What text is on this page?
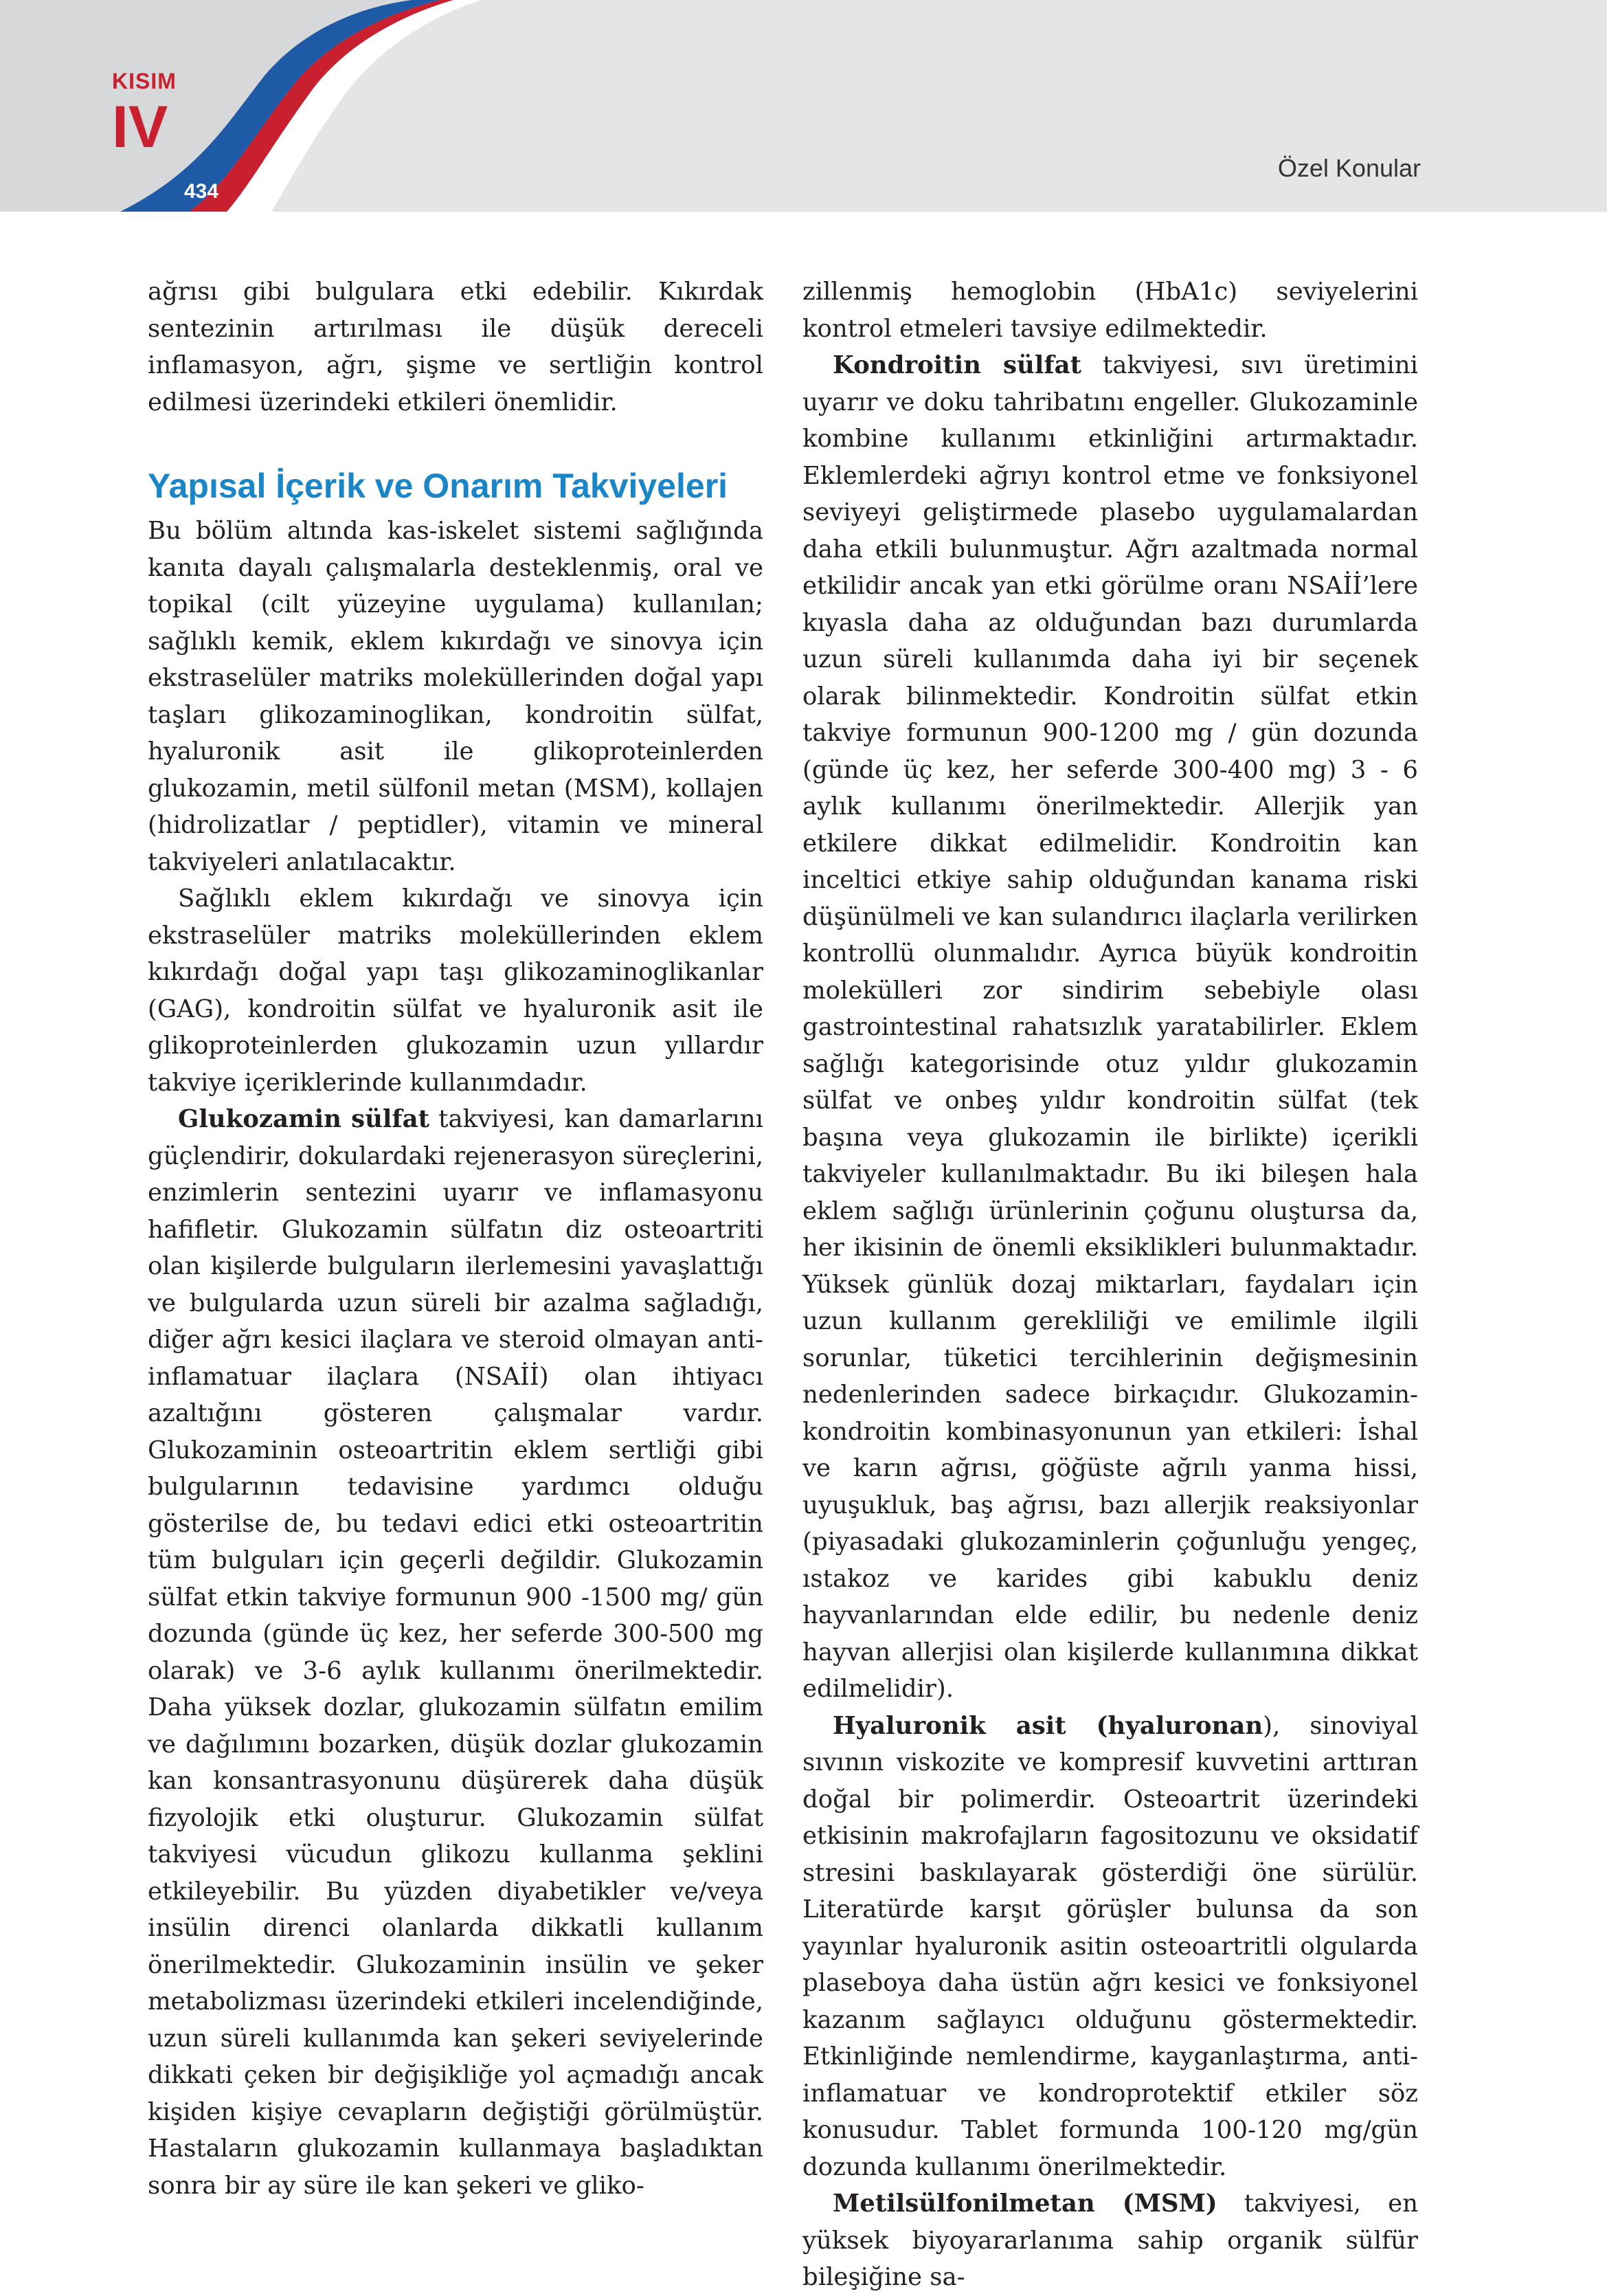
KISIM
IV
434
Özel Konular

ağrısı gibi bulgulara etki edebilir. Kıkırdak sentezinin artırılması ile düşük dereceli inflamasyon, ağrı, şişme ve sertliğin kontrol edilmesi üzerindeki etkileri önemlidir.

Yapısal İçerik ve Onarım Takviyeleri

Bu bölüm altında kas-iskelet sistemi sağlığında kanıta dayalı çalışmalarla desteklenmiş, oral ve topikal (cilt yüzeyine uygulama) kullanılan; sağlıklı kemik, eklem kıkırdağı ve sinovya için ekstraselüler matriks moleküllerinden doğal yapı taşları glikozaminoglikan, kondroitin sülfat, hyaluronik asit ile glikoproteinlerden glukozamin, metil sülfonil metan (MSM), kollajen (hidrolizatlar / peptidler), vitamin ve mineral takviyeleri anlatılacaktır.

Sağlıklı eklem kıkırdağı ve sinovya için ekstraselüler matriks moleküllerinden eklem kıkırdağı doğal yapı taşı glikozaminoglikanlar (GAG), kondroitin sülfat ve hyaluronik asit ile glikoproteinlerden glukozamin uzun yıllardır takviye içeriklerinde kullanımdadır.

Glukozamin sülfat takviyesi, kan damarlarını güçlendirir, dokulardaki rejenerasyon süreçlerini, enzimlerin sentezini uyarır ve inflamasyonu hafifletir. Glukozamin sülfatın diz osteoartriti olan kişilerde bulguların ilerlemesini yavaşlattığı ve bulgularda uzun süreli bir azalma sağladığı, diğer ağrı kesici ilaçlara ve steroid olmayan anti-inflamatuar ilaçlara (NSAİİ) olan ihtiyacı azaltığını gösteren çalışmalar vardır. Glukozaminin osteoartritin eklem sertliği gibi bulgularının tedavisine yardımcı olduğu gösterilse de, bu tedavi edici etki osteoartritin tüm bulguları için geçerli değildir. Glukozamin sülfat etkin takviye formunun 900 -1500 mg/ gün dozunda (günde üç kez, her seferde 300-500 mg olarak) ve 3-6 aylık kullanımı önerilmektedir. Daha yüksek dozlar, glukozamin sülfatın emilim ve dağılımını bozarken, düşük dozlar glukozamin kan konsantrasyonunu düşürerek daha düşük fizyolojik etki oluşturur. Glukozamin sülfat takviyesi vücudun glikozu kullanma şeklini etkileyebilir. Bu yüzden diyabetikler ve/veya insülin direnci olanlarda dikkatli kullanım önerilmektedir. Glukozaminin insülin ve şeker metabolizması üzerindeki etkileri incelendiğinde, uzun süreli kullanımda kan şekeri seviyelerinde dikkati çeken bir değişikliğe yol açmadığı ancak kişiden kişiye cevapların değiştiği görülmüştür. Hastaların glukozamin kullanmaya başladıktan sonra bir ay süre ile kan şekeri ve gliko-

zillenmiş hemoglobin (HbA1c) seviyelerini kontrol etmeleri tavsiye edilmektedir.

Kondroitin sülfat takviyesi, sıvı üretimini uyarır ve doku tahribatını engeller. Glukozaminle kombine kullanımı etkinliğini artırmaktadır. Eklemlerdeki ağrıyı kontrol etme ve fonksiyonel seviyeyi geliştirmede plasebo uygulamalardan daha etkili bulunmuştur. Ağrı azaltmada normal etkilidir ancak yan etki görülme oranı NSAİİ’lere kıyasla daha az olduğundan bazı durumlarda uzun süreli kullanımda daha iyi bir seçenek olarak bilinmektedir. Kondroitin sülfat etkin takviye formunun 900-1200 mg / gün dozunda (günde üç kez, her seferde 300-400 mg) 3 - 6 aylık kullanımı önerilmektedir. Allerjik yan etkilere dikkat edilmelidir. Kondroitin kan inceltici etkiye sahip olduğundan kanama riski düşünülmeli ve kan sulandırıcı ilaçlarla verilirken kontrollü olunmalıdır. Ayrıca büyük kondroitin molekülleri zor sindirim sebebiyle olası gastrointestinal rahatsızlık yaratabilirler. Eklem sağlığı kategorisinde otuz yıldır glukozamin sülfat ve onbeş yıldır kondroitin sülfat (tek başına veya glukozamin ile birlikte) içerikli takviyeler kullanılmaktadır. Bu iki bileşen hala eklem sağlığı ürünlerinin çoğunu oluştursa da, her ikisinin de önemli eksiklikleri bulunmaktadır. Yüksek günlük dozaj miktarları, faydaları için uzun kullanım gerekliliği ve emilimle ilgili sorunlar, tüketici tercihlerinin değişmesinin nedenlerinden sadece birkaçıdır. Glukozamin-kondroitin kombinasyonunun yan etkileri: İshal ve karın ağrısı, göğüste ağrılı yanma hissi, uyuşukluk, baş ağrısı, bazı allerjik reaksiyonlar (piyasadaki glukozaminlerin çoğunluğu yengeç, ıstakoz ve karides gibi kabuklu deniz hayvanlarından elde edilir, bu nedenle deniz hayvan allerjisi olan kişilerde kullanımına dikkat edilmelidir).

Hyaluronik asit (hyaluronan), sinoviyal sıvının viskozite ve kompresif kuvvetini arttıran doğal bir polimerdir. Osteoartrit üzerindeki etkisinin makrofajların fagositozunu ve oksidatif stresini baskılayarak gösterdiği öne sürülür. Literatürde karşıt görüşler bulunsa da son yayınlar hyaluronik asitin osteoartritli olgularda plaseboya daha üstün ağrı kesici ve fonksiyonel kazanım sağlayıcı olduğunu göstermektedir. Etkinliğinde nemlendirme, kayganlaştırma, anti-inflamatuar ve kondroprotektif etkiler söz konusudur. Tablet formunda 100-120 mg/gün dozunda kullanımı önerilmektedir.

Metilsülfonilmetan (MSM) takviyesi, en yüksek biyoyararlanıma sahip organik sülfür bileşiğine sa-
